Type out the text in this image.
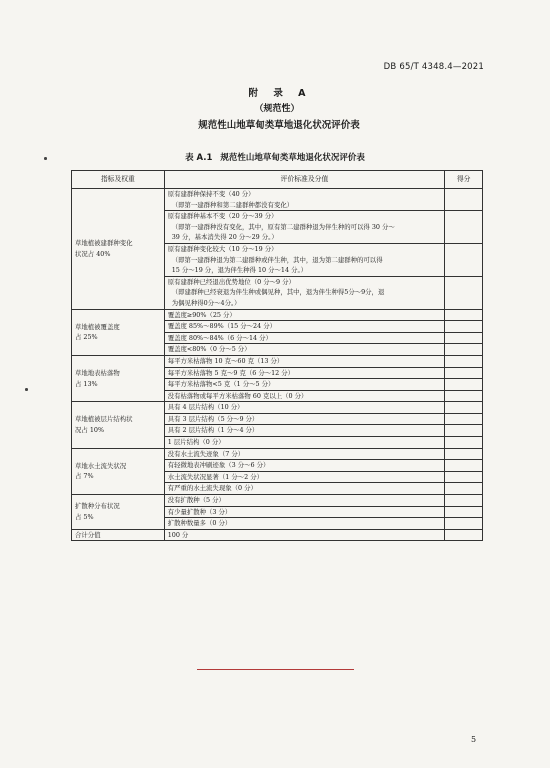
DB 65/T 4348.4—2021
附 录 A
（规范性）
规范性山地草甸类草地退化状况评价表
表 A.1 规范性山地草甸类草地退化状况评价表
指标及权重	评价标准及分值	得分

草地植被建群种变化
状况占 40%	原有建群种保持不变（40 分）
（即第一建群种和第二建群种都没有变化）	

	原有建群种基本不变（20 分～39 分）
（即第一建群种没有变化，其中，原有第二建群种退为伴生种的可以得 30 分～
39 分，基本消失得 20 分～29 分。）	

	原有建群种变化较大（10 分～19 分）
（即第一建群种退为第二建群种或伴生种，其中，退为第二建群种的可以得
15 分～19 分，退为伴生种得 10 分～14 分。）	

	原有建群种已经退出优势地位（0 分～9 分）
（即建群种已经衰退为伴生种或偶见种，其中，退为伴生种得5分～9分，退
为偶见种得0分～4分。）	

草地植被覆盖度
占 25%	覆盖度≥90%（25 分）	

	覆盖度 85%～89%（15 分～24 分）	

	覆盖度 80%～84%（6 分～14 分）	

	覆盖度<80%（0 分～5 分）	

草地地表枯落物
占 13%	每平方米枯落物 10 克～60 克（13 分）	

	每平方米枯落物 5 克～9 克（6 分～12 分）	

	每平方米枯落物<5 克（1 分～5 分）	

	没有枯落物或每平方米枯落物 60 克以上（0 分）	

草地植被层片结构状
况占 10%	具有 4 层片结构（10 分）	

	具有 3 层片结构（5 分～9 分）	

	具有 2 层片结构（1 分～4 分）	

	1 层片结构（0 分）	

草地水土流失状况
占 7%	没有水土流失迹象（7 分）	

	有轻微地表冲刷迹象（3 分～6 分）	

	水土流失状况显著（1 分～2 分）	

	有严重的水土流失现象（0 分）	

扩散种分布状况
占 5%	没有扩散种（5 分）	

	有少量扩散种（3 分）	

	扩散种数量多（0 分）	

合计分值	100 分	
5
